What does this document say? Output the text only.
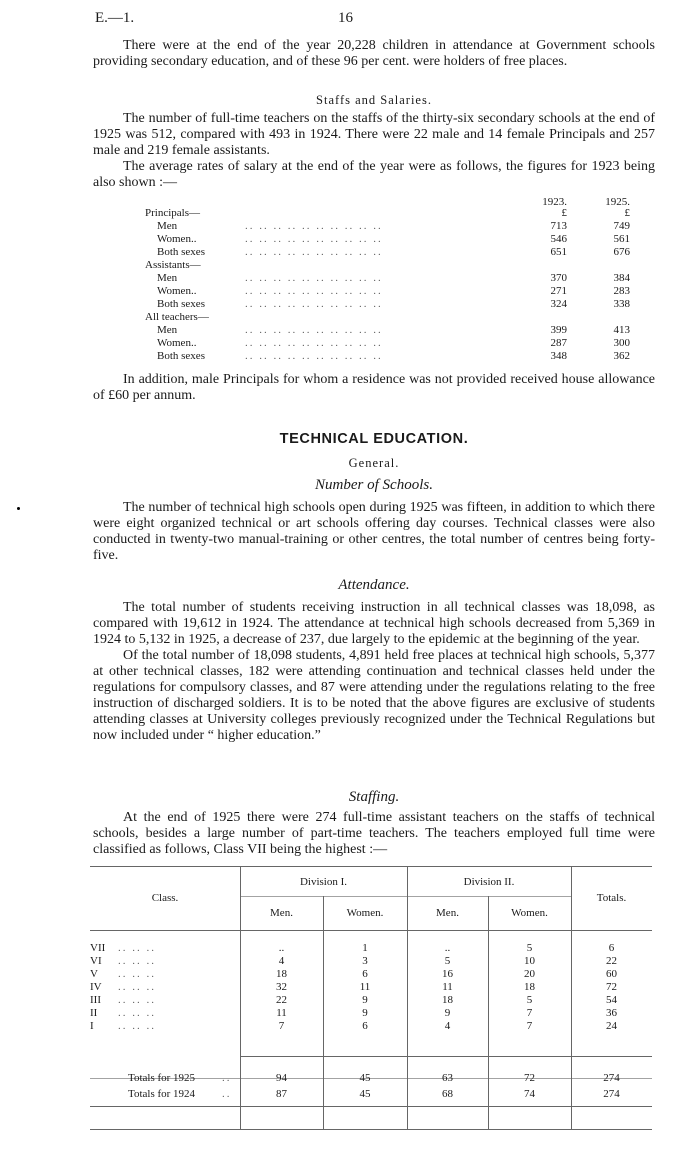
E.—1.	16

There were at the end of the year 20,228 children in attendance at Government schools providing secondary education, and of these 96 per cent. were holders of free places.

Staffs and Salaries.

The number of full-time teachers on the staffs of the thirty-six secondary schools at the end of 1925 was 512, compared with 493 in 1924. There were 22 male and 14 female Principals and 257 male and 219 female assistants.

The average rates of salary at the end of the year were as follows, the figures for 1923 being also shown :—

1923.	1925.
Principals—	£	£
Men	.. .. .. .. .. .. .. .. .. ..	713	749
Women..	.. .. .. .. .. .. .. .. .. ..	546	561
Both sexes	.. .. .. .. .. .. .. .. .. ..	651	676
Assistants—
Men	.. .. .. .. .. .. .. .. .. ..	370	384
Women..	.. .. .. .. .. .. .. .. .. ..	271	283
Both sexes	.. .. .. .. .. .. .. .. .. ..	324	338
All teachers—
Men	.. .. .. .. .. .. .. .. .. ..	399	413
Women..	.. .. .. .. .. .. .. .. .. ..	287	300
Both sexes	.. .. .. .. .. .. .. .. .. ..	348	362

In addition, male Principals for whom a residence was not provided received house allowance of £60 per annum.

TECHNICAL EDUCATION.
General.
Number of Schools.

The number of technical high schools open during 1925 was fifteen, in addition to which there were eight organized technical or art schools offering day courses. Technical classes were also conducted in twenty-two manual-training or other centres, the total number of centres being forty-five.

Attendance.

The total number of students receiving instruction in all technical classes was 18,098, as compared with 19,612 in 1924. The attendance at technical high schools decreased from 5,369 in 1924 to 5,132 in 1925, a decrease of 237, due largely to the epidemic at the beginning of the year.

Of the total number of 18,098 students, 4,891 held free places at technical high schools, 5,377 at other technical classes, 182 were attending continuation and technical classes held under the regulations for compulsory classes, and 87 were attending under the regulations relating to the free instruction of discharged soldiers. It is to be noted that the above figures are exclusive of students attending classes at University colleges previously recognized under the Technical Regulations but now included under “ higher education.”

Staffing.

At the end of 1925 there were 274 full-time assistant teachers on the staffs of technical schools, besides a large number of part-time teachers. The teachers employed full time were classified as follows, Class VII being the highest :—

Class.
Division I.	Division II.
Totals.
Men.	Women.	Men.	Women.
VII .. .. ..	..	1	..	5	6
VI .. .. ..	4	3	5	10	22
V .. .. ..	18	6	16	20	60
IV .. .. ..	32	11	11	18	72
III .. .. ..	22	9	18	5	54
II .. .. ..	11	9	9	7	36
I .. .. ..	7	6	4	7	24
Totals for 1925 ..	94	45	63	72	274
Totals for 1924 ..	87	45	68	74	274
